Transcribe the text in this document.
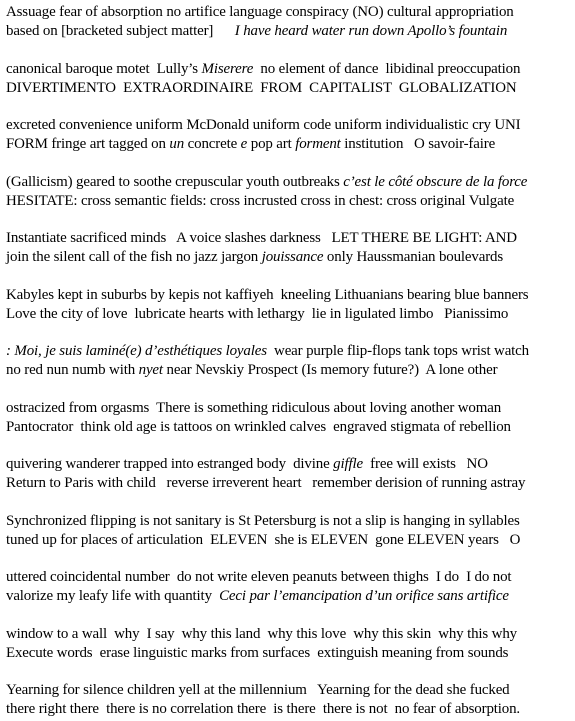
Assuage fear of absorption no artifice language conspiracy (NO) cultural appropriation
based on [bracketed subject matter]      I have heard water run down Apollo’s fountain
canonical baroque motet  Lully’s Miserere  no element of dance  libidinal preoccupation
DIVERTIMENTO  EXTRAORDINAIRE  FROM  CAPITALIST  GLOBALIZATION
excreted convenience uniform McDonald uniform code uniform individualistic cry UNI
FORM fringe art tagged on un concrete e pop art forment institution   O savoir-faire
(Gallicism) geared to soothe crepuscular youth outbreaks c’est le côté obscure de la force
HESITATE: cross semantic fields: cross incrusted cross in chest: cross original Vulgate
Instantiate sacrificed minds   A voice slashes darkness   LET THERE BE LIGHT: AND
join the silent call of the fish no jazz jargon jouissance only Haussmanian boulevards
Kabyles kept in suburbs by kepis not kaffiyeh  kneeling Lithuanians bearing blue banners
Love the city of love  lubricate hearts with lethargy  lie in ligulated limbo   Pianissimo
: Moi, je suis laminé(e) d’esthétiques loyales  wear purple flip-flops tank tops wrist watch
no red nun numb with nyet near Nevskiy Prospect (Is memory future?)  A lone other
ostracized from orgasms  There is something ridiculous about loving another woman
Pantocrator  think old age is tattoos on wrinkled calves  engraved stigmata of rebellion
quivering wanderer trapped into estranged body  divine giffle  free will exists   NO
Return to Paris with child   reverse irreverent heart   remember derision of running astray
Synchronized flipping is not sanitary is St Petersburg is not a slip is hanging in syllables
tuned up for places of articulation  ELEVEN  she is ELEVEN  gone ELEVEN years   O
uttered coincidental number  do not write eleven peanuts between thighs  I do  I do not
valorize my leafy life with quantity  Ceci par l’emancipation d’un orifice sans artifice
window to a wall  why  I say  why this land  why this love  why this skin  why this why
Execute words  erase linguistic marks from surfaces  extinguish meaning from sounds
Yearning for silence children yell at the millennium   Yearning for the dead she fucked
there right there  there is no correlation there  is there  there is not  no fear of absorption.
